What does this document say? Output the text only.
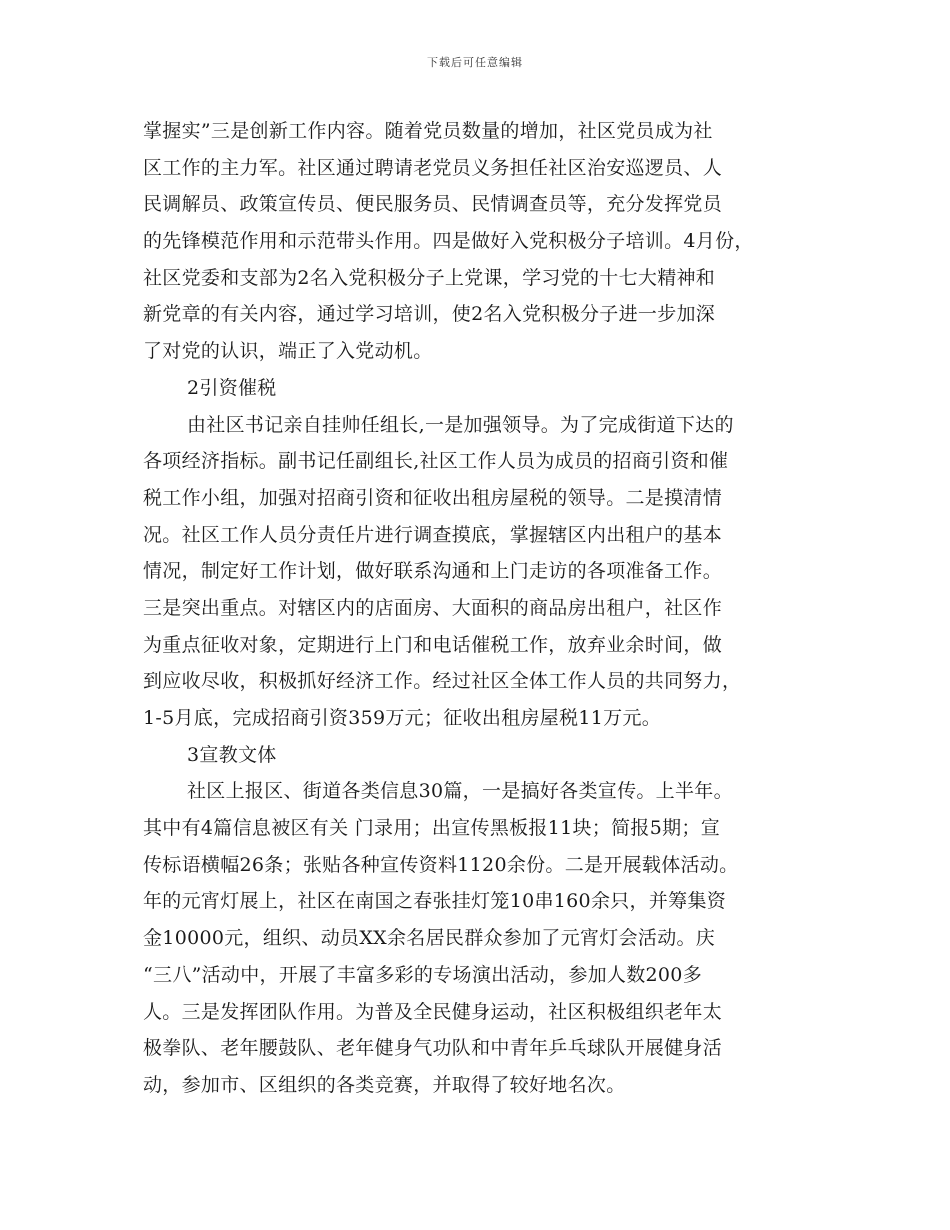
下载后可任意编辑
掌握实”三是创新工作内容。随着党员数量的增加，社区党员成为社
区工作的主力军。社区通过聘请老党员义务担任社区治安巡逻员、人
民调解员、政策宣传员、便民服务员、民情调查员等，充分发挥党员
的先锋模范作用和示范带头作用。四是做好入党积极分子培训。4月份，
社区党委和支部为2名入党积极分子上党课，学习党的十七大精神和
新党章的有关内容，通过学习培训，使2名入党积极分子进一步加深
了对党的认识，端正了入党动机。
2引资催税
由社区书记亲自挂帅任组长,一是加强领导。为了完成街道下达的
各项经济指标。副书记任副组长,社区工作人员为成员的招商引资和催
税工作小组，加强对招商引资和征收出租房屋税的领导。二是摸清情
况。社区工作人员分责任片进行调查摸底，掌握辖区内出租户的基本
情况，制定好工作计划，做好联系沟通和上门走访的各项准备工作。
三是突出重点。对辖区内的店面房、大面积的商品房出租户，社区作
为重点征收对象，定期进行上门和电话催税工作，放弃业余时间，做
到应收尽收，积极抓好经济工作。经过社区全体工作人员的共同努力，
1-5月底，完成招商引资359万元；征收出租房屋税11万元。
3宣教文体
社区上报区、街道各类信息30篇，一是搞好各类宣传。上半年。
其中有4篇信息被区有关 门录用；出宣传黑板报11块；简报5期；宣
传标语横幅26条；张贴各种宣传资料1120余份。二是开展载体活动。
年的元宵灯展上，社区在南国之春张挂灯笼10串160余只，并筹集资
金10000元，组织、动员XX余名居民群众参加了元宵灯会活动。庆
“三八”活动中，开展了丰富多彩的专场演出活动，参加人数200多
人。三是发挥团队作用。为普及全民健身运动，社区积极组织老年太
极拳队、老年腰鼓队、老年健身气功队和中青年乒乓球队开展健身活
动，参加市、区组织的各类竞赛，并取得了较好地名次。
